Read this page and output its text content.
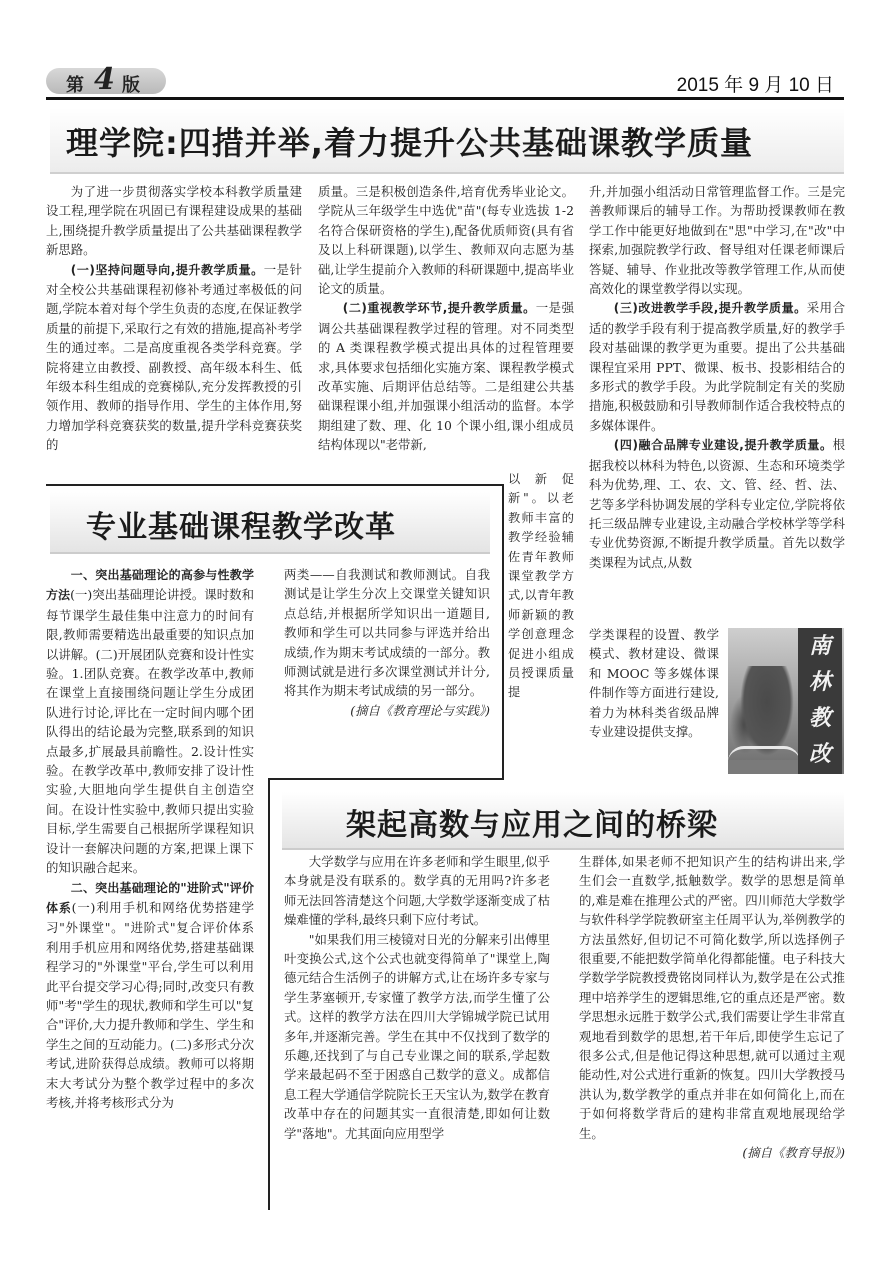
第 4 版	2015 年 9 月 10 日
理学院:四措并举,着力提升公共基础课教学质量

为了进一步贯彻落实学校本科教学质量建设工程,理学院在巩固已有课程建设成果的基础上,围绕提升教学质量提出了公共基础课程教学新思路。

(一)坚持问题导向,提升教学质量。一是针对全校公共基础课程初修补考通过率极低的问题,学院本着对每个学生负责的态度,在保证教学质量的前提下,采取行之有效的措施,提高补考学生的通过率。二是高度重视各类学科竞赛。学院将建立由教授、副教授、高年级本科生、低年级本科生组成的竞赛梯队,充分发挥教授的引领作用、教师的指导作用、学生的主体作用,努力增加学科竞赛获奖的数量,提升学科竞赛获奖的

质量。三是积极创造条件,培育优秀毕业论文。学院从三年级学生中选优"苗"(每专业选拔 1-2 名符合保研资格的学生),配备优质师资(具有省及以上科研课题),以学生、教师双向志愿为基础,让学生提前介入教师的科研课题中,提高毕业论文的质量。

(二)重视教学环节,提升教学质量。一是强调公共基础课程教学过程的管理。对不同类型的 A 类课程教学模式提出具体的过程管理要求,具体要求包括细化实施方案、课程教学模式改革实施、后期评估总结等。二是组建公共基础课程课小组,并加强课小组活动的监督。本学期组建了数、理、化 10 个课小组,课小组成员结构体现以"老带新,

以新促新"。以老教师丰富的教学经验辅佐青年教师课堂教学方式,以青年教师新颖的教学创意理念促进小组成员授课质量提

升,并加强小组活动日常管理监督工作。三是完善教师课后的辅导工作。为帮助授课教师在教学工作中能更好地做到在"思"中学习,在"改"中探索,加强院教学行政、督导组对任课老师课后答疑、辅导、作业批改等教学管理工作,从而使高效化的课堂教学得以实现。

(三)改进教学手段,提升教学质量。采用合适的教学手段有利于提高教学质量,好的教学手段对基础课的教学更为重要。提出了公共基础课程宜采用 PPT、微课、板书、投影相结合的多形式的教学手段。为此学院制定有关的奖励措施,积极鼓励和引导教师制作适合我校特点的多媒体课件。

(四)融合品牌专业建设,提升教学质量。根据我校以林科为特色,以资源、生态和环境类学科为优势,理、工、农、文、管、经、哲、法、艺等多学科协调发展的学科专业定位,学院将依托三级品牌专业建设,主动融合学校林学等学科专业优势资源,不断提升教学质量。首先以数学类课程为试点,从数

学类课程的设置、教学模式、教材建设、微课和 MOOC 等多媒体课件制作等方面进行建设,着力为林科类省级品牌专业建设提供支撑。

南
林
教
改
专业基础课程教学改革

一、突出基础理论的高参与性教学方法(一)突出基础理论讲授。课时数和每节课学生最佳集中注意力的时间有限,教师需要精选出最重要的知识点加以讲解。(二)开展团队竞赛和设计性实验。1.团队竞赛。在教学改革中,教师在课堂上直接围绕问题让学生分成团队进行讨论,评比在一定时间内哪个团队得出的结论最为完整,联系到的知识点最多,扩展最具前瞻性。2.设计性实验。在教学改革中,教师安排了设计性实验,大胆地向学生提供自主创造空间。在设计性实验中,教师只提出实验目标,学生需要自己根据所学课程知识设计一套解决问题的方案,把课上课下的知识融合起来。

二、突出基础理论的"进阶式"评价体系(一)利用手机和网络优势搭建学习"外课堂"。"进阶式"复合评价体系利用手机应用和网络优势,搭建基础课程学习的"外课堂"平台,学生可以利用此平台提交学习心得;同时,改变只有教师"考"学生的现状,教师和学生可以"复合"评价,大力提升教师和学生、学生和学生之间的互动能力。(二)多形式分次考试,进阶获得总成绩。教师可以将期末大考试分为整个教学过程中的多次考核,并将考核形式分为

两类——自我测试和教师测试。自我测试是让学生分次上交课堂关键知识点总结,并根据所学知识出一道题目,教师和学生可以共同参与评选并给出成绩,作为期末考试成绩的一部分。教师测试就是进行多次课堂测试并计分,将其作为期末考试成绩的另一部分。

(摘自《教育理论与实践》)

架起高数与应用之间的桥梁

大学数学与应用在许多老师和学生眼里,似乎本身就是没有联系的。数学真的无用吗?许多老师无法回答清楚这个问题,大学数学逐渐变成了枯燥难懂的学科,最终只剩下应付考试。

"如果我们用三棱镜对日光的分解来引出傅里叶变换公式,这个公式也就变得简单了"课堂上,陶德元结合生活例子的讲解方式,让在场许多专家与学生茅塞顿开,专家懂了教学方法,而学生懂了公式。这样的教学方法在四川大学锦城学院已试用多年,并逐渐完善。学生在其中不仅找到了数学的乐趣,还找到了与自己专业课之间的联系,学起数学来最起码不至于困惑自己数学的意义。成都信息工程大学通信学院院长王天宝认为,数学在教育改革中存在的问题其实一直很清楚,即如何让数学"落地"。尤其面向应用型学

生群体,如果老师不把知识产生的结构讲出来,学生们会一直数学,抵触数学。数学的思想是简单的,难是难在推理公式的严密。四川师范大学数学与软件科学学院教研室主任周平认为,举例教学的方法虽然好,但切记不可简化数学,所以选择例子很重要,不能把数学简单化得都能懂。电子科技大学数学学院教授费铭岗同样认为,数学是在公式推理中培养学生的逻辑思维,它的重点还是严密。数学思想永远胜于数学公式,我们需要让学生非常直观地看到数学的思想,若干年后,即使学生忘记了很多公式,但是他记得这种思想,就可以通过主观能动性,对公式进行重新的恢复。四川大学教授马洪认为,数学教学的重点并非在如何简化上,而在于如何将数学背后的建构非常直观地展现给学生。

(摘自《教育导报》)
